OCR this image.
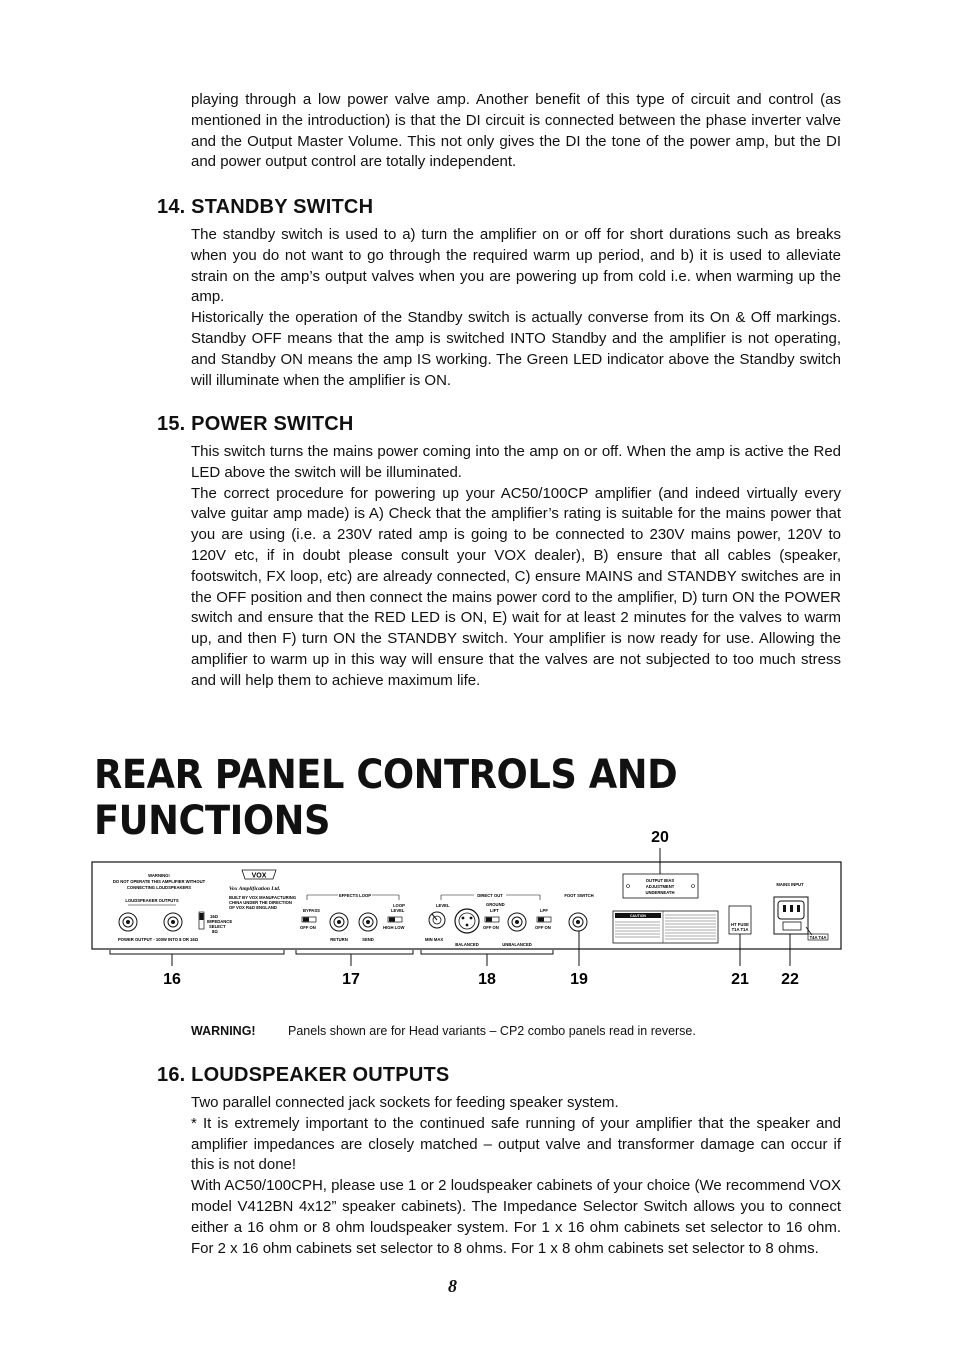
playing through a low power valve amp. Another benefit of this type of circuit and control (as mentioned in the introduction) is that the DI circuit is connected between the phase inverter valve and the Output Master Volume. This not only gives the DI the tone of the power amp, but the DI and power output control are totally independent.

14. STANDBY SWITCH

The standby switch is used to a) turn the amplifier on or off for short durations such as breaks when you do not want to go through the required warm up period, and b) it is used to alleviate strain on the amp’s output valves when you are powering up from cold i.e. when warming up the amp.

Historically the operation of the Standby switch is actually converse from its On & Off markings. Standby OFF means that the amp is switched INTO Standby and the amplifier is not operating, and Standby ON means the amp IS working. The Green LED indicator above the Standby switch will illuminate when the amplifier is ON.

15. POWER SWITCH

This switch turns the mains power coming into the amp on or off. When the amp is active the Red LED above the switch will be illuminated.

The correct procedure for powering up your AC50/100CP amplifier (and indeed virtually every valve guitar amp made) is A) Check that the amplifier’s rating is suitable for the mains power that you are using (i.e. a 230V rated amp is going to be connected to 230V mains power, 120V to 120V etc, if in doubt please consult your VOX dealer), B) ensure that all cables (speaker, footswitch, FX loop, etc) are already connected, C) ensure MAINS and STANDBY switches are in the OFF position and then connect the mains power cord to the amplifier, D) turn ON the POWER switch and ensure that the RED LED is ON, E) wait for at least 2 minutes for the valves to warm up, and then F) turn ON the STANDBY switch. Your amplifier is now ready for use. Allowing the amplifier to warm up in this way will ensure that the valves are not subjected to too much stress and will help them to achieve maximum life.

REAR PANEL CONTROLS AND FUNCTIONS
WARNING!
DO NOT OPERATE THIS AMPLIFIER WITHOUT
CONNECTING LOUDSPEAKERS
VOX
Vox Amplification Ltd.
BUILT BY VOX MANUFACTURING
CHINA UNDER THE DIRECTION
OF VOX R&D ENGLAND
LOUDSPEAKER OUTPUTS
POWER OUTPUT - 100W INTO 8 OR 16Ω
16Ω
IMPEDANCE
SELECT
8Ω
EFFECTS LOOP
BYPASS
OFF ON
RETURN	SEND
LOOP
LEVEL
HIGH LOW
DIRECT OUT
LEVEL
MIN MAX
BALANCED
GROUND
LIFT
OFF ON
UNBALANCED
LPF
OFF ON
FOOT SWITCH
OUTPUT BIAS
ADJUSTMENT
UNDERNEATH
CAUTION
HT FUSE
T1A T1A
MAINS INPUT
T4A T4A
16	17	18	19
20
21 22
WARNING!	Panels shown are for Head variants – CP2 combo panels read in reverse.
16. LOUDSPEAKER OUTPUTS

Two parallel connected jack sockets for feeding speaker system.

* It is extremely important to the continued safe running of your amplifier that the speaker and amplifier impedances are closely matched – output valve and transformer damage can occur if this is not done!

With AC50/100CPH, please use 1 or 2 loudspeaker cabinets of your choice (We recommend VOX model V412BN 4x12” speaker cabinets). The Impedance Selector Switch allows you to connect either a 16 ohm or 8 ohm loudspeaker system. For 1 x 16 ohm cabinets set selector to 16 ohm. For 2 x 16 ohm cabinets set selector to 8 ohms. For 1 x 8 ohm cabinets set selector to 8 ohms.

8
